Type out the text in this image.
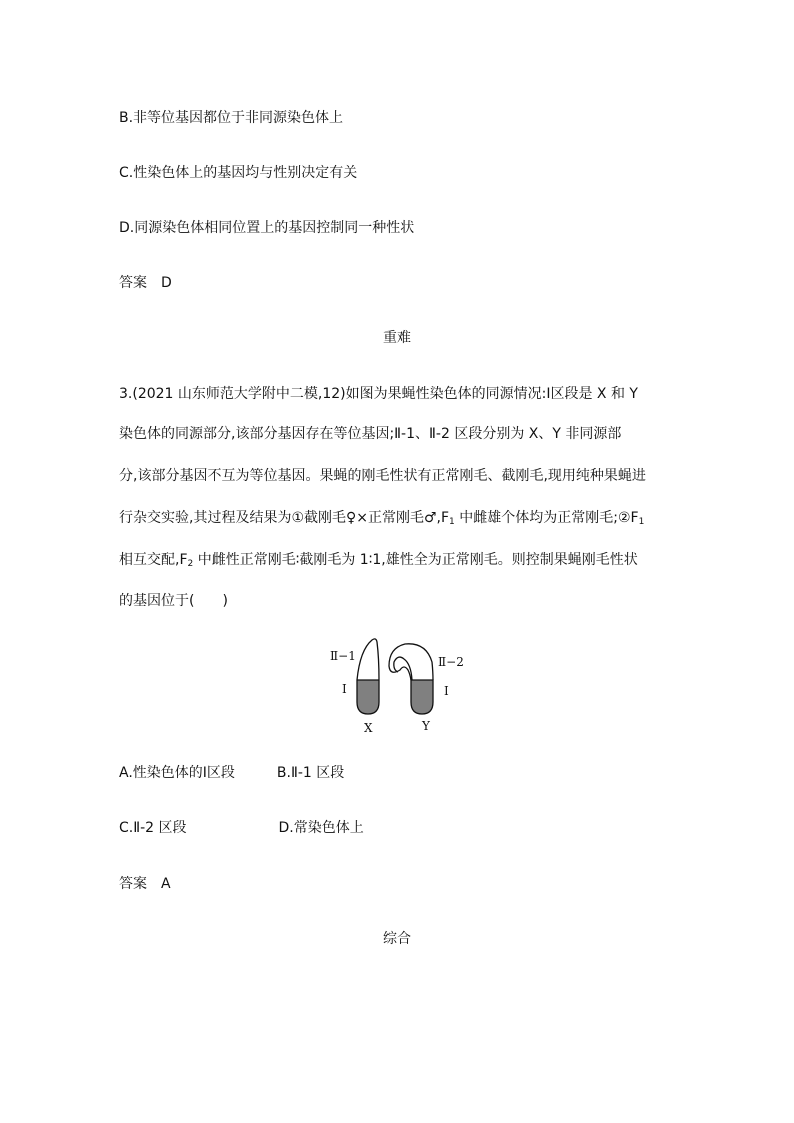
B.非等位基因都位于非同源染色体上
C.性染色体上的基因均与性别决定有关
D.同源染色体相同位置上的基因控制同一种性状
答案 D
重难
3.(2021 山东师范大学附中二模,12)如图为果蝇性染色体的同源情况:Ⅰ区段是 X 和 Y
染色体的同源部分,该部分基因存在等位基因;Ⅱ-1、Ⅱ-2 区段分别为 X、Y 非同源部
分,该部分基因不互为等位基因。果蝇的刚毛性状有正常刚毛、截刚毛,现用纯种果蝇进
行杂交实验,其过程及结果为①截刚毛♀×正常刚毛$♂,F_1$ 中雌雄个体均为正常刚毛$;②F_1$
相互交配$,F_2$ 中雌性正常刚毛∶截刚毛为 1∶1,雄性全为正常刚毛。则控制果蝇刚毛性状
的基因位于(　　)
Ⅱ−1
Ⅰ
Ⅱ−2
Ⅰ
X	Y
A.性染色体的Ⅰ区段	B.Ⅱ-1 区段
C.Ⅱ-2 区段	D.常染色体上
答案 A
综合
